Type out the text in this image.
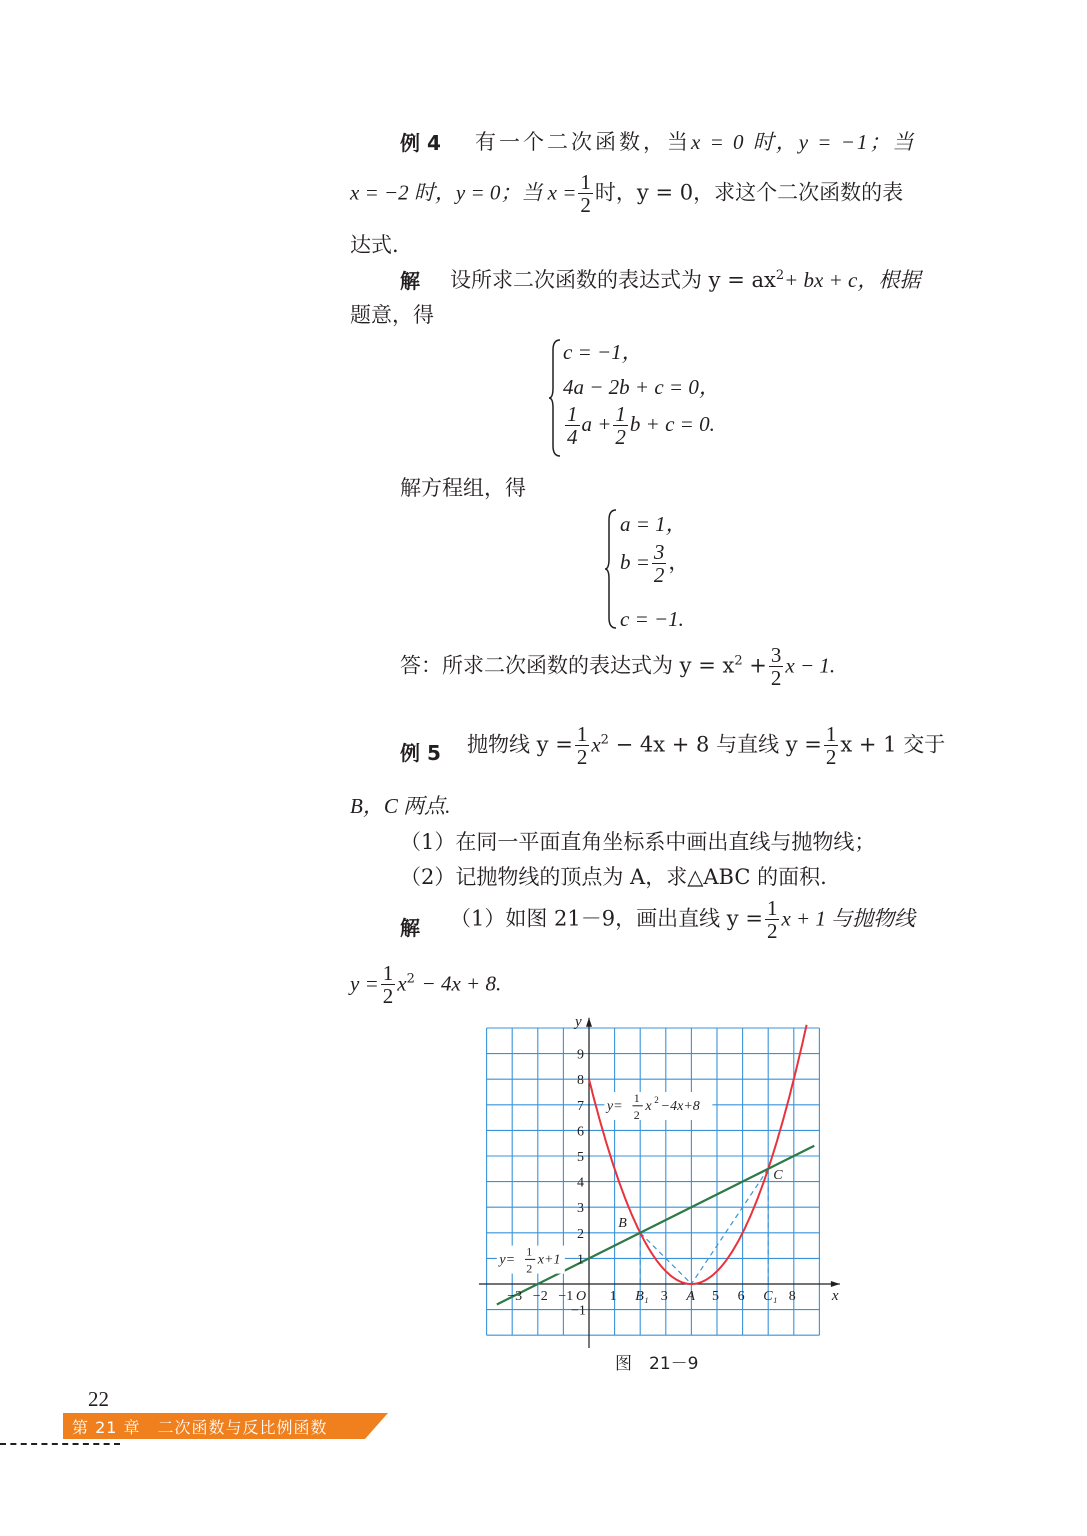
例 4 有一个二次函数，当x = 0 时，y = −1；当
x = −2 时，y = 0；当 $x = \frac{1}{2}$ 时，y = 0，求这个二次函数的表
达式.
解 设所求二次函数的表达式为 $y = ax^2+$ bx + c，根据
题意，得
c = −1，
4a − 2b + c = 0，
$\frac{1}{4}$ $a + \frac{1}{2}$ b + c = 0.
解方程组，得
a = 1，
$b = \frac{3}{2}$ ，
c = −1.
答：所求二次函数的表达式为 $y = x^2 + \frac{3}{2}$ x − 1.
例 5 抛物线 $y = \frac{1}{2} x^2 - 4x + 8$ 与直线 $y = \frac{1}{2}$ x + 1 交于
B，C 两点.
（1）在同一平面直角坐标系中画出直线与抛物线；
（2）记抛物线的顶点为 A，求△ABC 的面积.
解 （1）如图 21－9，画出直线 $y = \frac{1}{2}$ x + 1 与抛物线
$y = \frac{1}{2} x^2 - 4x + 8$.
x
y
−3 −2 −1 O 1 B₁ 3 A 5 6 C₁ 8
−1
1
2
3
4
5
6
7
8
9
B
C
y=
1
2
x 2 −4x+8
y=
1
2
x+1
图　21－9
22
第 21 章　二次函数与反比例函数
